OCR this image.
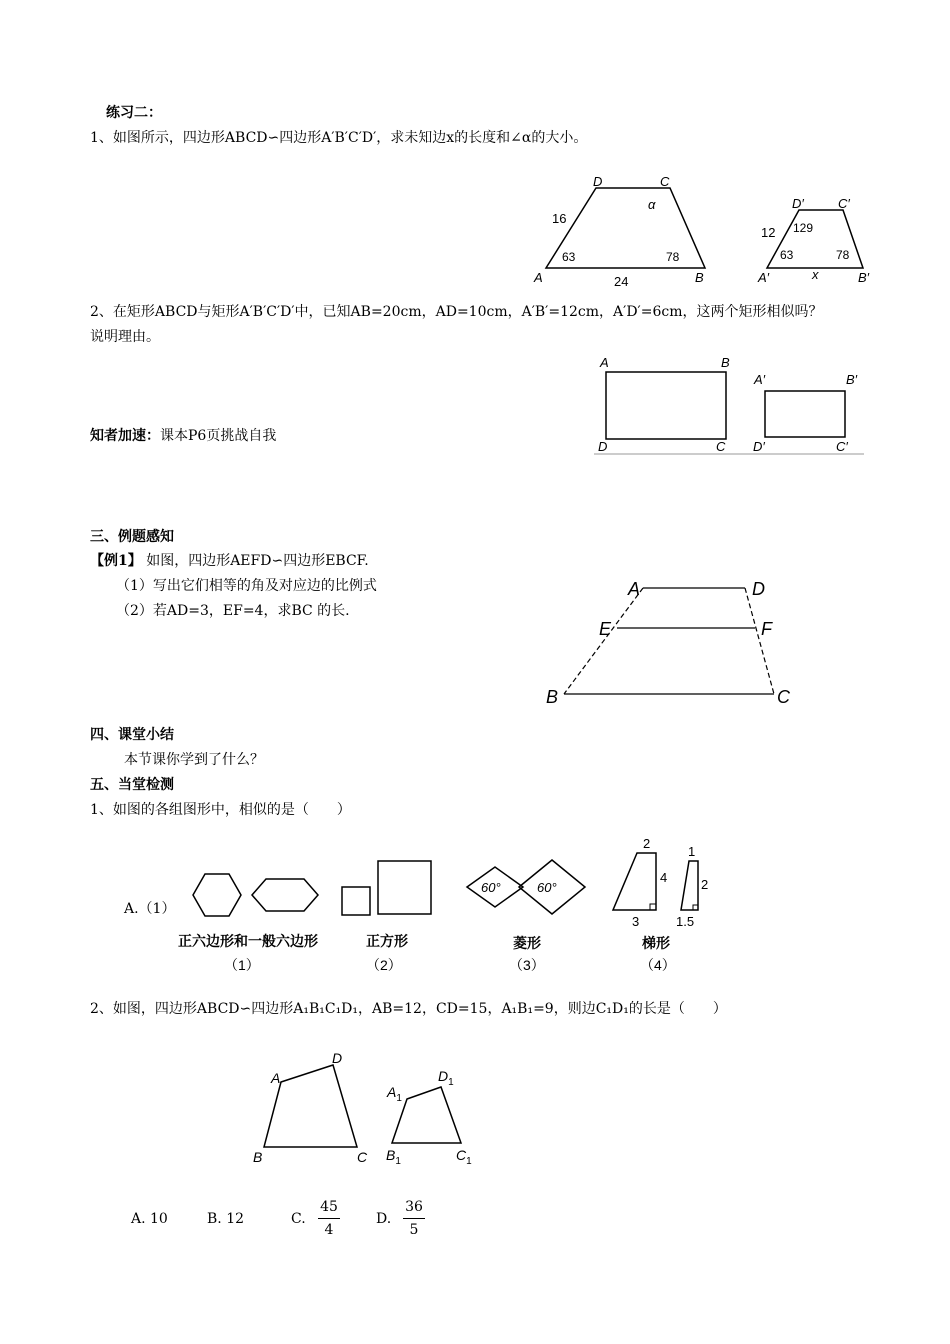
练习二：
1、如图所示，四边形ABCD∽四边形A′B′C′D′，求未知边x的长度和∠α的大小。
A	B
C
D
16
24
63	78
α
A′	B′
C′
D′
12 129
63	78
x
2、在矩形ABCD与矩形A′B′C′D′中，已知AB=20cm，AD=10cm，A′B′=12cm，A′D′=6cm，这两个矩形相似吗？
说明理由。
A	B
D	C
A′	B′
D′	C′
知者加速：课本P6页挑战自我
三、例题感知
【例1】 如图，四边形AEFD∽四边形EBCF.
（1）写出它们相等的角及对应边的比例式
（2）若AD=3，EF=4，求BC 的长.
A	D
E	F
B	C
四、课堂小结
本节课你学到了什么？
五、当堂检测
1、如图的各组图形中，相似的是（　　）
A.（1）
正六边形和一般六边形
（1）
正方形
（2）
60°	60°
菱形
（3）
2
4
3
1
2
1.5
梯形
（4）
2、如图，四边形ABCD∽四边形A₁B₁C₁D₁，AB=12，CD=15，A₁B₁=9，则边C₁D₁的长是（　　）
A
D
B	C
$A_1$
$D_1$
$B_1$	$C_1$
A. 10	B. 12	C.
45
4
D.
36
5
